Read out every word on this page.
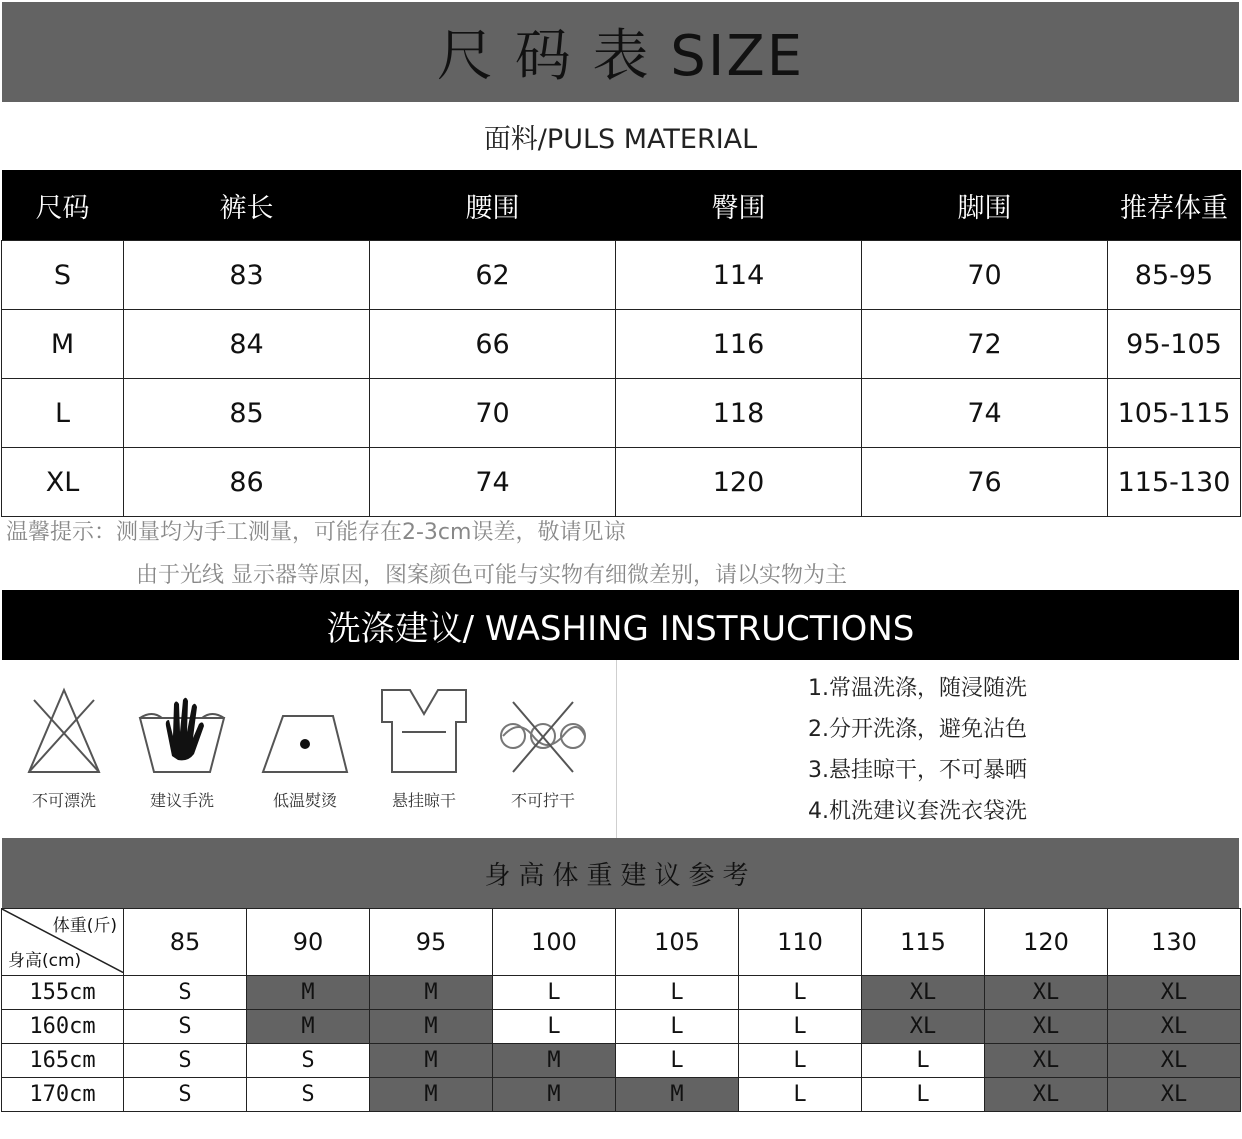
尺 码 表 SIZE
面料/PULS MATERIAL
尺码	裤长	腰围	臀围	脚围	推荐体重
S	83	62	114	70	85-95
M	84	66	116	72	95-105
L	85	70	118	74	105-115
XL	86	74	120	76	115-130
温馨提示：测量均为手工测量，可能存在2-3cm误差，敬请见谅
由于光线 显示器等原因，图案颜色可能与实物有细微差别，请以实物为主
洗涤建议/ WASHING INSTRUCTIONS
不可漂洗	建议手洗	低温熨烫	悬挂晾干	不可拧干
1.常温洗涤，随浸随洗
2.分开洗涤，避免沾色
3.悬挂晾干，不可暴晒
4.机洗建议套洗衣袋洗
身高体重建议参考
体重(斤)
身高(cm)	85	90	95	100	105	110	115	120	130
155cm	S	M	M	L	L	L	XL	XL	XL
160cm	S	M	M	L	L	L	XL	XL	XL
165cm	S	S	M	M	L	L	L	XL	XL
170cm	S	S	M	M	M	L	L	XL	XL
